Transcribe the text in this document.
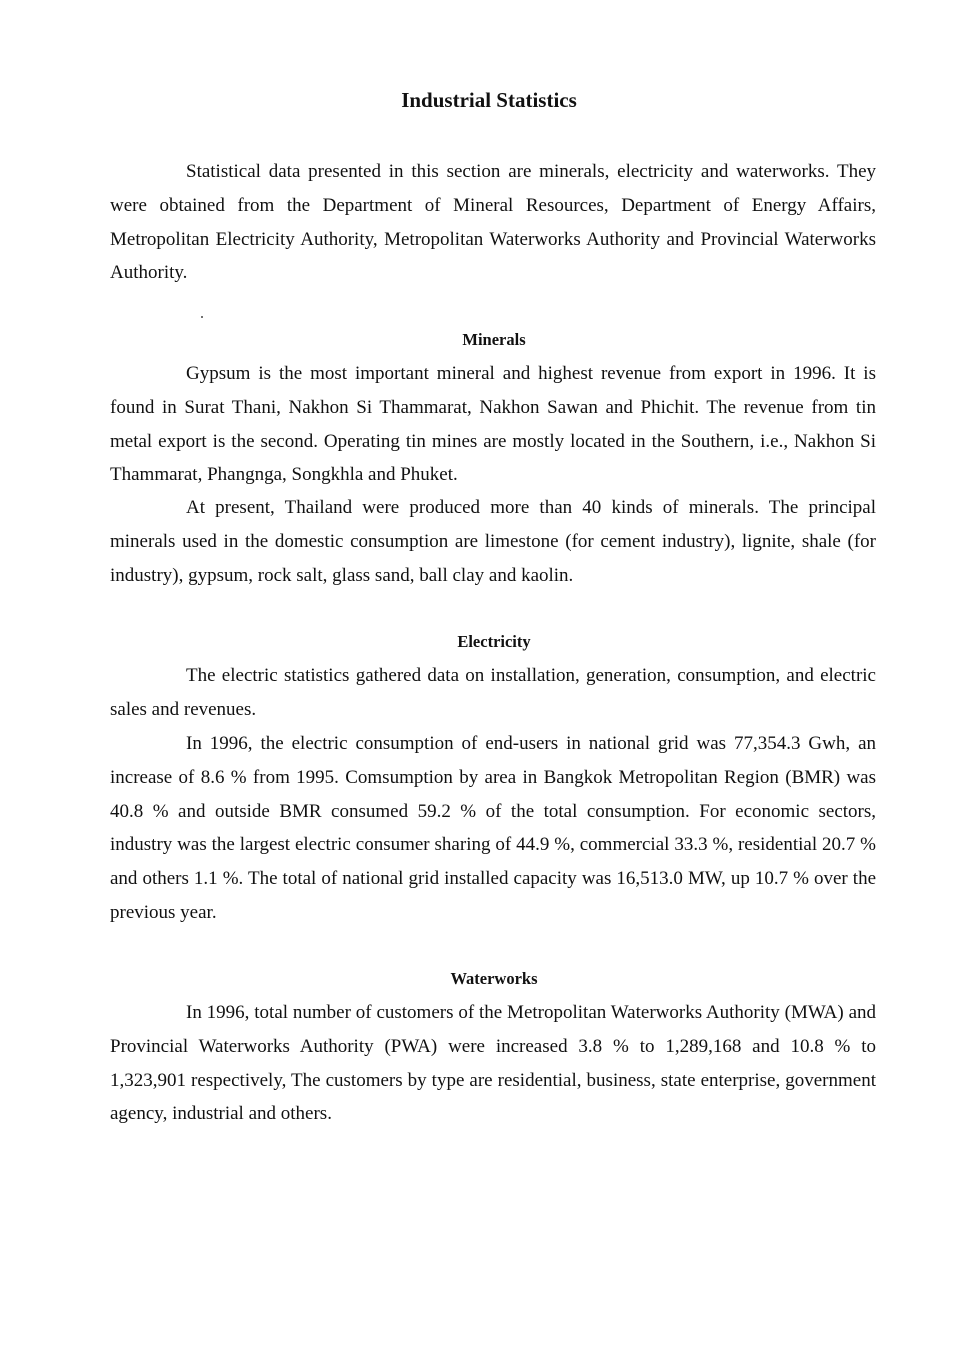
Industrial Statistics

Statistical data presented in this section are minerals, electricity and waterworks. They were obtained from the Department of Mineral Resources, Department of Energy Affairs, Metropolitan Electricity Authority, Metropolitan Waterworks Authority and Provincial Waterworks Authority.

Minerals

Gypsum is the most important mineral and highest revenue from export in 1996. It is found in Surat Thani, Nakhon Si Thammarat, Nakhon Sawan and Phichit. The revenue from tin metal export is the second. Operating tin mines are mostly located in the Southern, i.e., Nakhon Si Thammarat, Phangnga, Songkhla and Phuket.

At present, Thailand were produced more than 40 kinds of minerals. The principal minerals used in the domestic consumption are limestone (for cement industry), lignite, shale (for industry), gypsum, rock salt, glass sand, ball clay and kaolin.

Electricity

The electric statistics gathered data on installation, generation, consumption, and electric sales and revenues.

In 1996, the electric consumption of end-users in national grid was 77,354.3 Gwh, an increase of 8.6 % from 1995. Comsumption by area in Bangkok Metropolitan Region (BMR) was 40.8 % and outside BMR consumed 59.2 % of the total consumption. For economic sectors, industry was the largest electric consumer sharing of 44.9 %, commercial 33.3 %, residential 20.7 % and others 1.1 %. The total of national grid installed capacity was 16,513.0 MW, up 10.7 % over the previous year.

Waterworks

In 1996, total number of customers of the Metropolitan Waterworks Authority (MWA) and Provincial Waterworks Authority (PWA) were increased 3.8 % to 1,289,168 and 10.8 % to 1,323,901 respectively, The customers by type are residential, business, state enterprise, government agency, industrial and others.
